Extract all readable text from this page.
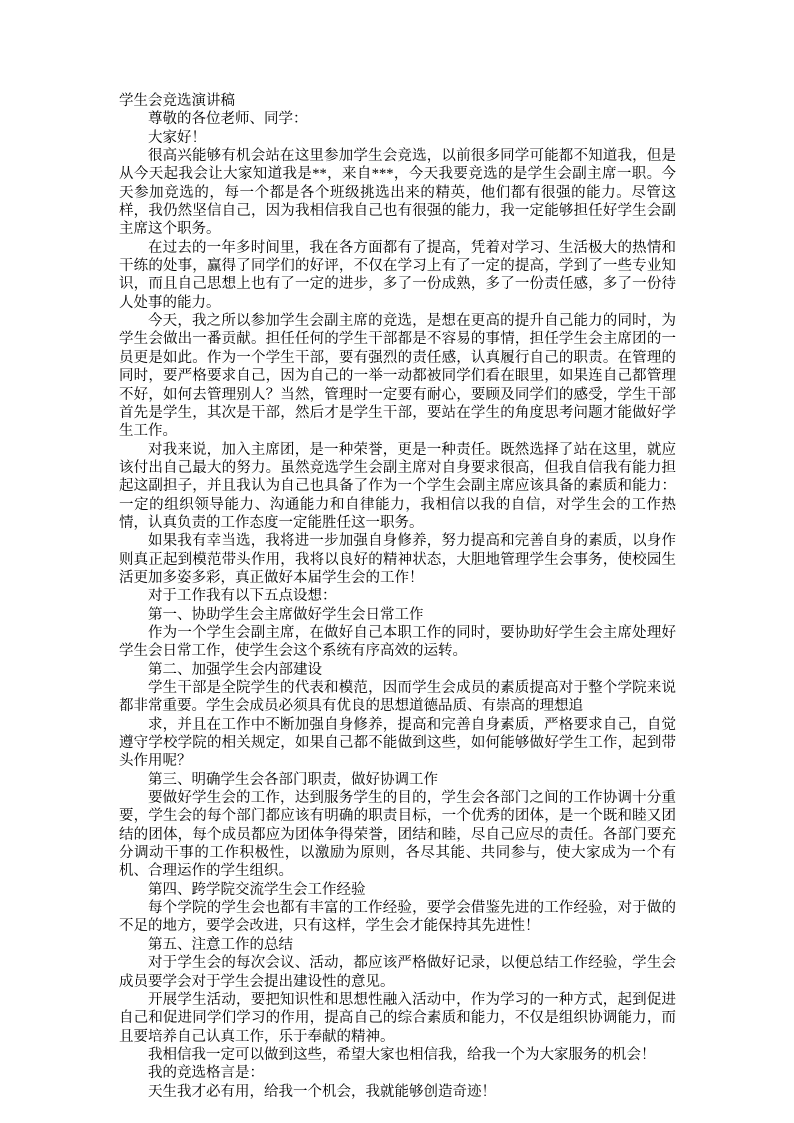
学生会竞选演讲稿

尊敬的各位老师、同学：

大家好！

很高兴能够有机会站在这里参加学生会竞选，以前很多同学可能都不知道我，但是从今天起我会让大家知道我是**，来自***，今天我要竞选的是学生会副主席一职。今天参加竞选的，每一个都是各个班级挑选出来的精英，他们都有很强的能力。尽管这样，我仍然坚信自己，因为我相信我自己也有很强的能力，我一定能够担任好学生会副主席这个职务。

在过去的一年多时间里，我在各方面都有了提高，凭着对学习、生活极大的热情和干练的处事，赢得了同学们的好评，不仅在学习上有了一定的提高，学到了一些专业知识，而且自己思想上也有了一定的进步，多了一份成熟，多了一份责任感，多了一份待人处事的能力。

今天，我之所以参加学生会副主席的竞选，是想在更高的提升自己能力的同时，为学生会做出一番贡献。担任任何的学生干部都是不容易的事情，担任学生会主席团的一员更是如此。作为一个学生干部，要有强烈的责任感，认真履行自己的职责。在管理的同时，要严格要求自己，因为自己的一举一动都被同学们看在眼里，如果连自己都管理不好，如何去管理别人？当然，管理时一定要有耐心，要顾及同学们的感受，学生干部首先是学生，其次是干部，然后才是学生干部，要站在学生的角度思考问题才能做好学生工作。

对我来说，加入主席团，是一种荣誉，更是一种责任。既然选择了站在这里，就应该付出自己最大的努力。虽然竞选学生会副主席对自身要求很高，但我自信我有能力担起这副担子，并且我认为自己也具备了作为一个学生会副主席应该具备的素质和能力：一定的组织领导能力、沟通能力和自律能力，我相信以我的自信，对学生会的工作热情，认真负责的工作态度一定能胜任这一职务。

如果我有幸当选，我将进一步加强自身修养，努力提高和完善自身的素质，以身作则真正起到模范带头作用，我将以良好的精神状态，大胆地管理学生会事务，使校园生活更加多姿多彩，真正做好本届学生会的工作！

对于工作我有以下五点设想：

第一、协助学生会主席做好学生会日常工作

作为一个学生会副主席，在做好自己本职工作的同时，要协助好学生会主席处理好学生会日常工作，使学生会这个系统有序高效的运转。

第二、加强学生会内部建设

学生干部是全院学生的代表和模范，因而学生会成员的素质提高对于整个学院来说都非常重要。学生会成员必须具有优良的思想道德品质、有崇高的理想追

求，并且在工作中不断加强自身修养，提高和完善自身素质，严格要求自己，自觉遵守学校学院的相关规定，如果自己都不能做到这些，如何能够做好学生工作，起到带头作用呢？

第三、明确学生会各部门职责，做好协调工作

要做好学生会的工作，达到服务学生的目的，学生会各部门之间的工作协调十分重要，学生会的每个部门都应该有明确的职责目标，一个优秀的团体，是一个既和睦又团结的团体，每个成员都应为团体争得荣誉，团结和睦，尽自己应尽的责任。各部门要充分调动干事的工作积极性，以激励为原则，各尽其能、共同参与，使大家成为一个有机、合理运作的学生组织。

第四、跨学院交流学生会工作经验

每个学院的学生会也都有丰富的工作经验，要学会借鉴先进的工作经验，对于做的不足的地方，要学会改进，只有这样，学生会才能保持其先进性！

第五、注意工作的总结

对于学生会的每次会议、活动，都应该严格做好记录，以便总结工作经验，学生会成员要学会对于学生会提出建设性的意见。

开展学生活动，要把知识性和思想性融入活动中，作为学习的一种方式，起到促进自己和促进同学们学习的作用，提高自己的综合素质和能力，不仅是组织协调能力，而且要培养自己认真工作，乐于奉献的精神。

我相信我一定可以做到这些，希望大家也相信我，给我一个为大家服务的机会！

我的竞选格言是：

天生我才必有用，给我一个机会，我就能够创造奇迹！
